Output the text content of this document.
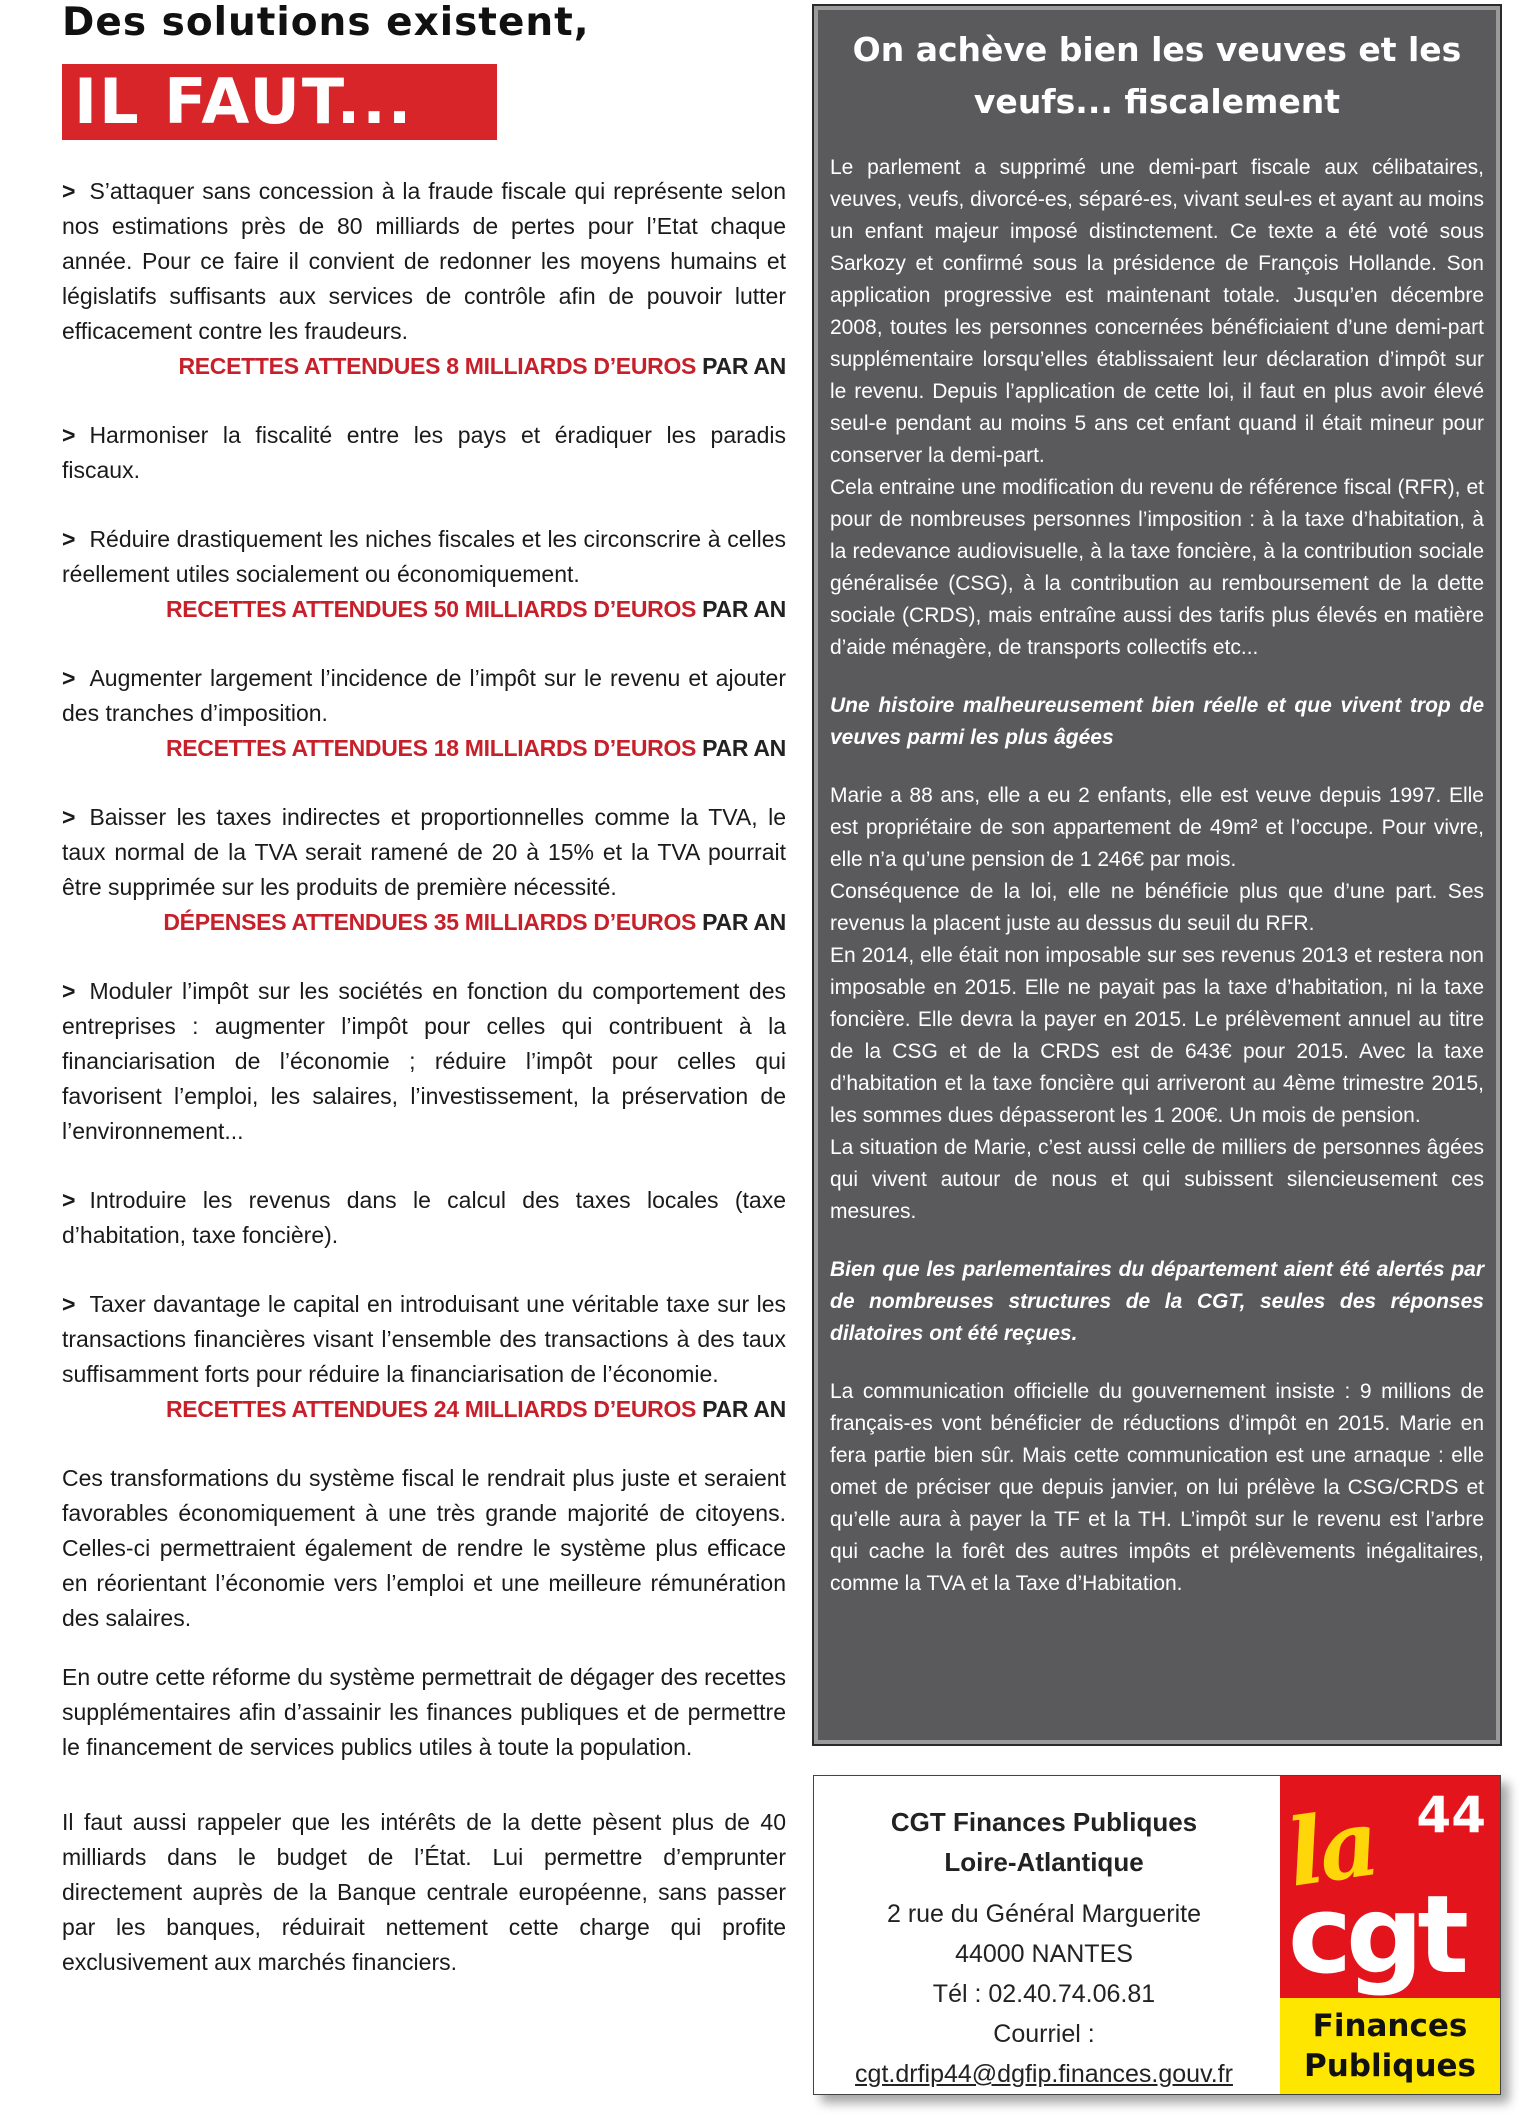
Des solutions existent,
IL FAUT...

> S’attaquer sans concession à la fraude fiscale qui représente selon nos estimations près de 80 milliards de pertes pour l’Etat chaque année. Pour ce faire il convient de redonner les moyens humains et législatifs suffisants aux services de contrôle afin de pouvoir lutter efficacement contre les fraudeurs.

RECETTES ATTENDUES 8 MILLIARDS D’EUROS PAR AN

> Harmoniser la fiscalité entre les pays et éradiquer les paradis fiscaux.

> Réduire drastiquement les niches fiscales et les circonscrire à celles réellement utiles socialement ou économiquement.

RECETTES ATTENDUES 50 MILLIARDS D’EUROS PAR AN

> Augmenter largement l’incidence de l’impôt sur le revenu et ajouter des tranches d’imposition.

RECETTES ATTENDUES 18 MILLIARDS D’EUROS PAR AN

> Baisser les taxes indirectes et proportionnelles comme la TVA, le taux normal de la TVA serait ramené de 20 à 15% et la TVA pourrait être supprimée sur les produits de première nécessité.

DÉPENSES ATTENDUES 35 MILLIARDS D’EUROS PAR AN

> Moduler l’impôt sur les sociétés en fonction du comportement des entreprises : augmenter l’impôt pour celles qui contribuent à la financiarisation de l’économie ; réduire l’impôt pour celles qui favorisent l’emploi, les salaires, l’investissement, la préservation de l’environnement...

> Introduire les revenus dans le calcul des taxes locales (taxe d’habitation, taxe foncière).

> Taxer davantage le capital en introduisant une véritable taxe sur les transactions financières visant l’ensemble des transactions à des taux suffisamment forts pour réduire la financiarisation de l’économie.

RECETTES ATTENDUES 24 MILLIARDS D’EUROS PAR AN

Ces transformations du système fiscal le rendrait plus juste et seraient favorables économiquement à une très grande majorité de citoyens. Celles-ci permettraient également de rendre le système plus efficace en réorientant l’économie vers l’emploi et une meilleure rémunération des salaires.

En outre cette réforme du système permettrait de dégager des recettes supplémentaires afin d’assainir les finances publiques et de permettre le financement de services publics utiles à toute la population.

Il faut aussi rappeler que les intérêts de la dette pèsent plus de 40 milliards dans le budget de l’État. Lui permettre d’emprunter directement auprès de la Banque centrale européenne, sans passer par les banques, réduirait nettement cette charge qui profite exclusivement aux marchés financiers.

On achève bien les veuves et les
veufs... fiscalement

Le parlement a supprimé une demi-part fiscale aux célibataires, veuves, veufs, divorcé-es, séparé-es, vivant seul-es et ayant au moins un enfant majeur imposé distinctement. Ce texte a été voté sous Sarkozy et confirmé sous la présidence de François Hollande. Son application progressive est maintenant totale. Jusqu’en décembre 2008, toutes les personnes concernées bénéficiaient d’une demi-part supplémentaire lorsqu’elles établissaient leur déclaration d’impôt sur le revenu. Depuis l’application de cette loi, il faut en plus avoir élevé seul-e pendant au moins 5 ans cet enfant quand il était mineur pour conserver la demi-part.

Cela entraine une modification du revenu de référence fiscal (RFR), et pour de nombreuses personnes l’imposition : à la taxe d’habitation, à la redevance audiovisuelle, à la taxe foncière, à la contribution sociale généralisée (CSG), à la contribution au remboursement de la dette sociale (CRDS), mais entraîne aussi des tarifs plus élevés en matière d’aide ménagère, de transports collectifs etc...

Une histoire malheureusement bien réelle et que vivent trop de veuves parmi les plus âgées

Marie a 88 ans, elle a eu 2 enfants, elle est veuve depuis 1997. Elle est propriétaire de son appartement de 49m² et l’occupe. Pour vivre, elle n’a qu’une pension de 1 246€ par mois.

Conséquence de la loi, elle ne bénéficie plus que d’une part. Ses revenus la placent juste au dessus du seuil du RFR.

En 2014, elle était non imposable sur ses revenus 2013 et restera non imposable en 2015. Elle ne payait pas la taxe d’habitation, ni la taxe foncière. Elle devra la payer en 2015. Le prélèvement annuel au titre de la CSG et de la CRDS est de 643€ pour 2015. Avec la taxe d’habitation et la taxe foncière qui arriveront au 4ème trimestre 2015, les sommes dues dépasseront les 1 200€. Un mois de pension.

La situation de Marie, c’est aussi celle de milliers de personnes âgées qui vivent autour de nous et qui subissent silencieusement ces mesures.

Bien que les parlementaires du département aient été alertés par de nombreuses structures de la CGT, seules des réponses dilatoires ont été reçues.

La communication officielle du gouvernement insiste : 9 millions de français-es vont bénéficier de réductions d’impôt en 2015. Marie en fera partie bien sûr. Mais cette communication est une arnaque : elle omet de préciser que depuis janvier, on lui prélève la CSG/CRDS et qu’elle aura à payer la TF et la TH. L’impôt sur le revenu est l’arbre qui cache la forêt des autres impôts et prélèvements inégalitaires, comme la TVA et la Taxe d’Habitation.

CGT Finances Publiques
Loire-Atlantique
2 rue du Général Marguerite
44000 NANTES
Tél : 02.40.74.06.81
Courriel :
cgt.drfip44@dgfip.finances.gouv.fr
la 44
cgt
Finances
Publiques
